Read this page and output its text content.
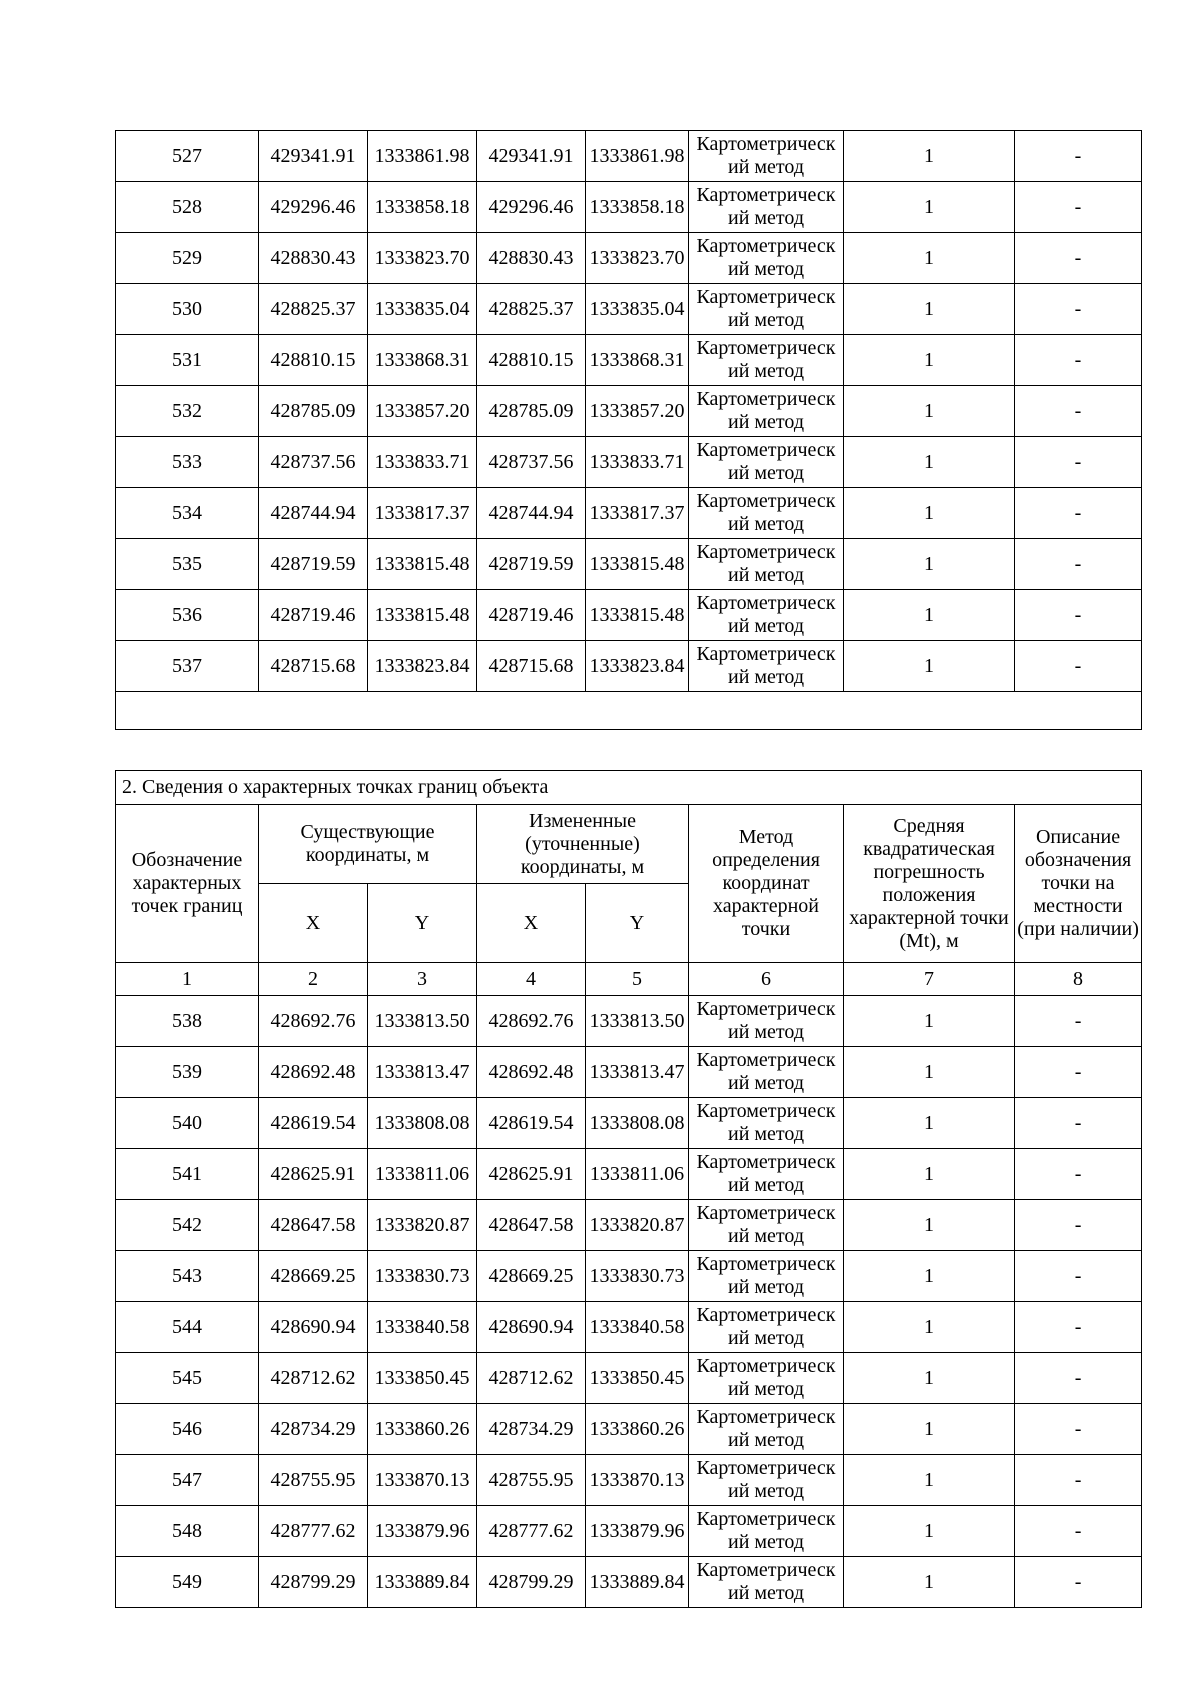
527	429341.91	1333861.98	429341.91	1333861.98	Картометрический метод	1	-
528	429296.46	1333858.18	429296.46	1333858.18	Картометрический метод	1	-
529	428830.43	1333823.70	428830.43	1333823.70	Картометрический метод	1	-
530	428825.37	1333835.04	428825.37	1333835.04	Картометрический метод	1	-
531	428810.15	1333868.31	428810.15	1333868.31	Картометрический метод	1	-
532	428785.09	1333857.20	428785.09	1333857.20	Картометрический метод	1	-
533	428737.56	1333833.71	428737.56	1333833.71	Картометрический метод	1	-
534	428744.94	1333817.37	428744.94	1333817.37	Картометрический метод	1	-
535	428719.59	1333815.48	428719.59	1333815.48	Картометрический метод	1	-
536	428719.46	1333815.48	428719.46	1333815.48	Картометрический метод	1	-
537	428715.68	1333823.84	428715.68	1333823.84	Картометрический метод	1	-

2. Сведения о характерных точках границ объекта							
Обозначение характерных точек границ	Существующие координаты, м		Измененные (уточненные) координаты, м		Метод определения координат характерной точки	Средняя квадратическая погрешность положения характерной точки (Mt), м	Описание обозначения точки на местности (при наличии)
	X	Y	X	Y			
1	2	3	4	5	6	7	8
538	428692.76	1333813.50	428692.76	1333813.50	Картометрический метод	1	-
539	428692.48	1333813.47	428692.48	1333813.47	Картометрический метод	1	-
540	428619.54	1333808.08	428619.54	1333808.08	Картометрический метод	1	-
541	428625.91	1333811.06	428625.91	1333811.06	Картометрический метод	1	-
542	428647.58	1333820.87	428647.58	1333820.87	Картометрический метод	1	-
543	428669.25	1333830.73	428669.25	1333830.73	Картометрический метод	1	-
544	428690.94	1333840.58	428690.94	1333840.58	Картометрический метод	1	-
545	428712.62	1333850.45	428712.62	1333850.45	Картометрический метод	1	-
546	428734.29	1333860.26	428734.29	1333860.26	Картометрический метод	1	-
547	428755.95	1333870.13	428755.95	1333870.13	Картометрический метод	1	-
548	428777.62	1333879.96	428777.62	1333879.96	Картометрический метод	1	-
549	428799.29	1333889.84	428799.29	1333889.84	Картометрический метод	1	-
